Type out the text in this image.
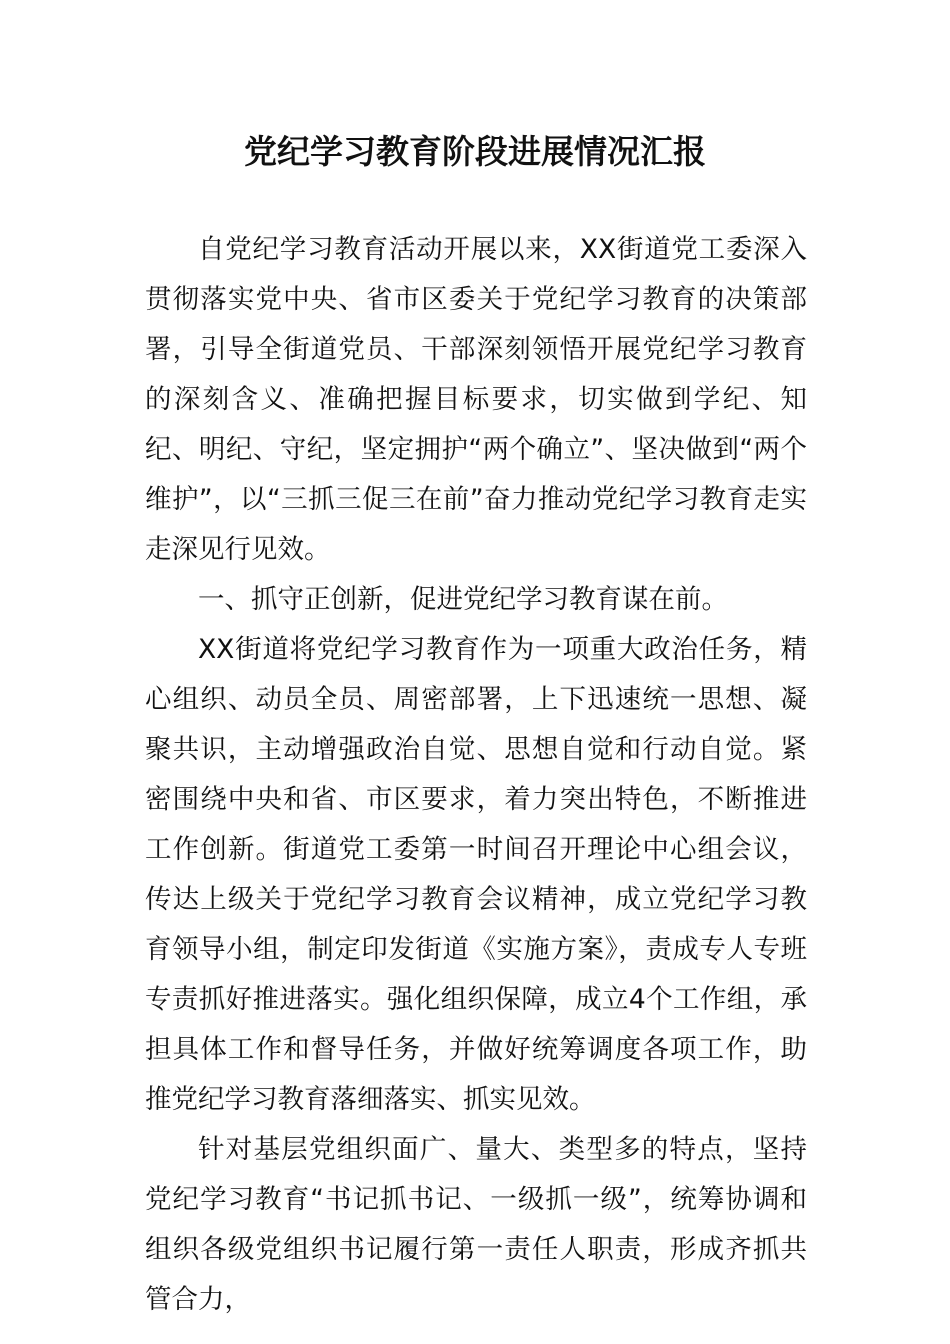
党纪学习教育阶段进展情况汇报

自党纪学习教育活动开展以来，XX街道党工委深入贯彻落实党中央、省市区委关于党纪学习教育的决策部署，引导全街道党员、干部深刻领悟开展党纪学习教育的深刻含义、准确把握目标要求，切实做到学纪、知纪、明纪、守纪，坚定拥护“两个确立”、坚决做到“两个维护”，以“三抓三促三在前”奋力推动党纪学习教育走实走深见行见效。

一、抓守正创新，促进党纪学习教育谋在前。

XX街道将党纪学习教育作为一项重大政治任务，精心组织、动员全员、周密部署，上下迅速统一思想、凝聚共识，主动增强政治自觉、思想自觉和行动自觉。紧密围绕中央和省、市区要求，着力突出特色，不断推进工作创新。街道党工委第一时间召开理论中心组会议，传达上级关于党纪学习教育会议精神，成立党纪学习教育领导小组，制定印发街道《实施方案》，责成专人专班专责抓好推进落实。强化组织保障，成立4个工作组，承担具体工作和督导任务，并做好统筹调度各项工作，助推党纪学习教育落细落实、抓实见效。

针对基层党组织面广、量大、类型多的特点，坚持党纪学习教育“书记抓书记、一级抓一级”，统筹协调和组织各级党组织书记履行第一责任人职责，形成齐抓共管合力，
